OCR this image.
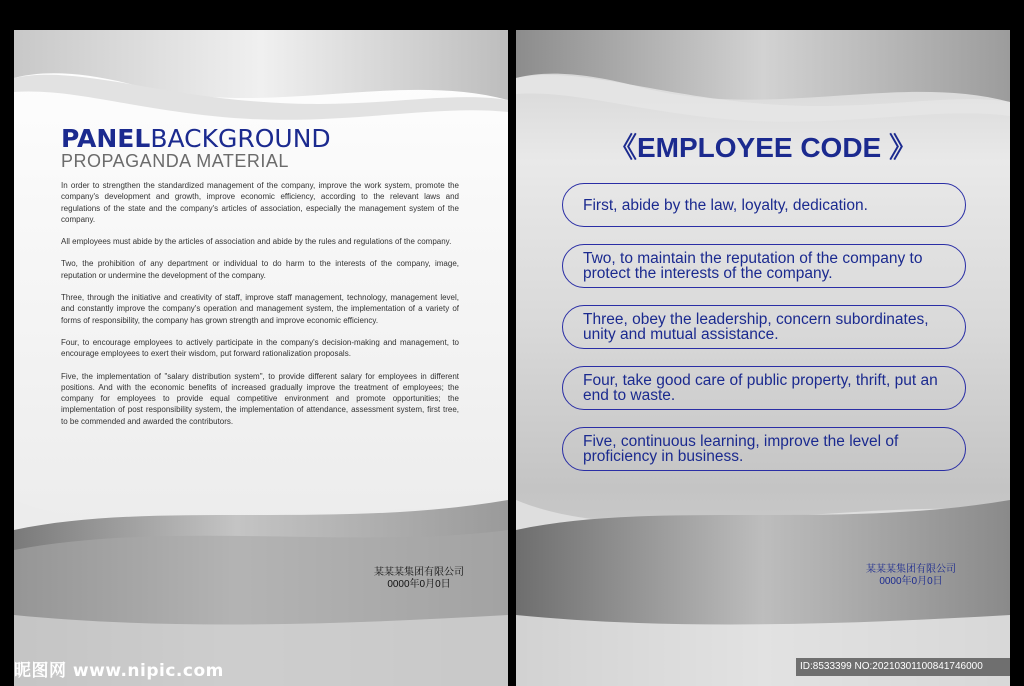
PANELBACKGROUND
PROPAGANDA MATERIAL

In order to strengthen the standardized management of the company, improve the work system, promote the company's development and growth, improve economic efficiency, according to the relevant laws and regulations of the state and the company's articles of association, especially the management system of the company.

All employees must abide by the articles of association and abide by the rules and regulations of the company.

Two, the prohibition of any department or individual to do harm to the interests of the company, image, reputation or undermine the development of the company.

Three, through the initiative and creativity of staff, improve staff management, technology, management level, and constantly improve the company's operation and management system, the implementation of a variety of forms of responsibility, the company has grown strength and improve economic efficiency.

Four, to encourage employees to actively participate in the company's decision-making and management, to encourage employees to exert their wisdom, put forward rationalization proposals.

Five, the implementation of "salary distribution system", to provide different salary for employees in different positions. And with the economic benefits of increased gradually improve the treatment of employees; the company for employees to provide equal competitive environment and promote opportunities; the implementation of post responsibility system, the implementation of attendance, assessment system, first tree, to be commended and awarded the contributors.

某某某集团有限公司
0000年0月0日
《EMPLOYEE CODE 》
First, abide by the law, loyalty, dedication.
Two, to maintain the reputation of the company to protect the interests of the company.
Three, obey the leadership, concern subordinates, unity and mutual assistance.
Four, take good care of public property, thrift, put an end to waste.
Five, continuous learning, improve the level of proficiency in business.
某某某集团有限公司
0000年0月0日
昵图网 www.nipic.com	ID:8533399 NO:20210301100841746000
